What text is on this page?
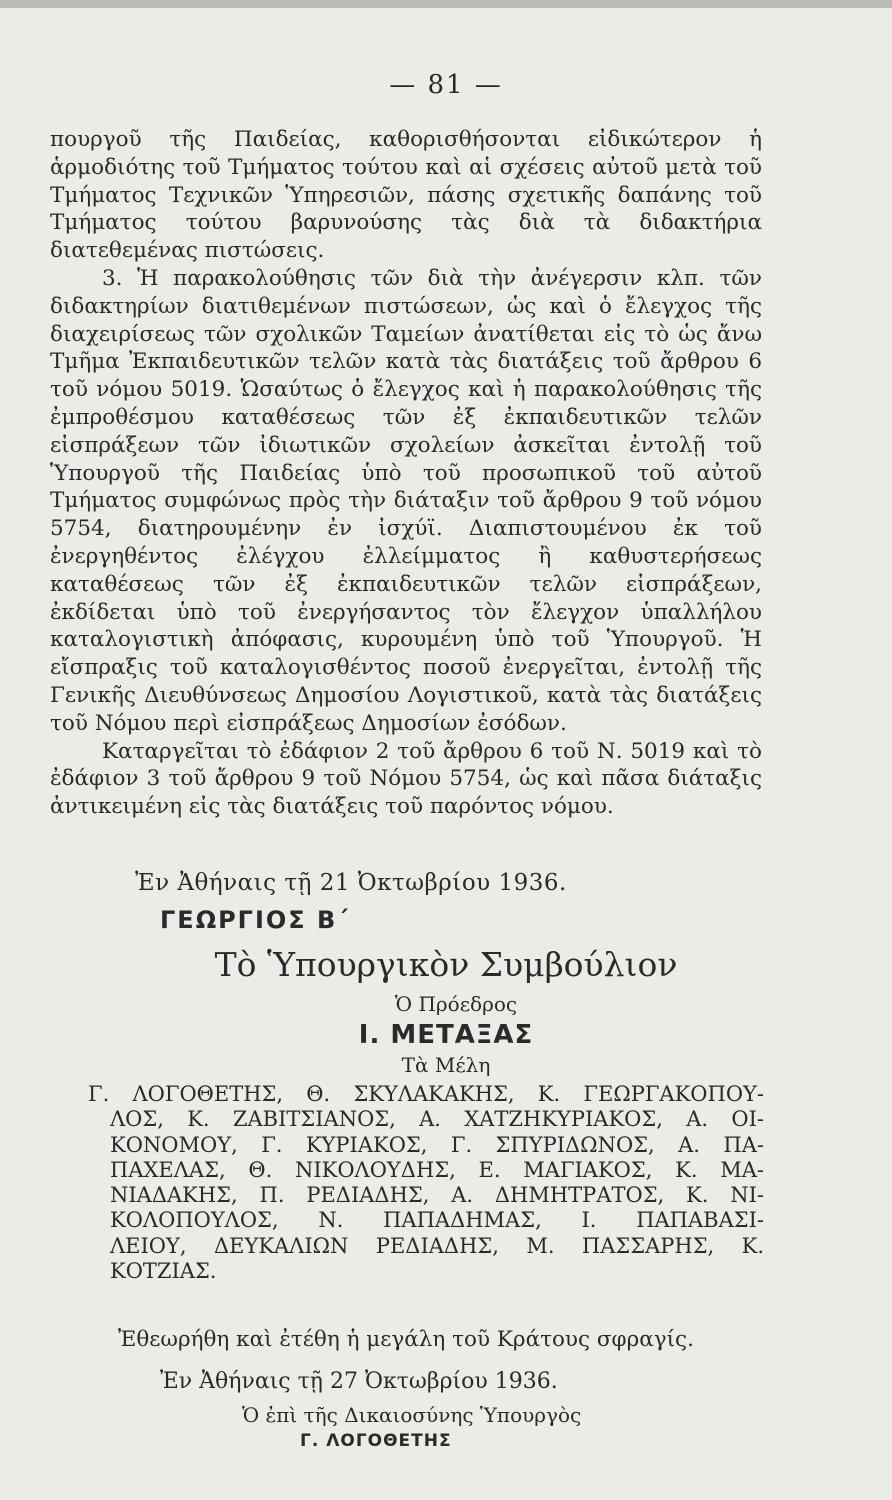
— 81 —

πουργοῦ τῆς Παιδείας, καθορισθήσονται εἰδικώτερον ἡ ἁρμοδιότης τοῦ Τμήματος τούτου καὶ αἱ σχέσεις αὐτοῦ μετὰ τοῦ Τμήματος Τεχνικῶν Ὑπηρεσιῶν, πάσης σχετικῆς δαπάνης τοῦ Τμήματος τούτου βαρυνούσης τὰς διὰ τὰ διδακτήρια διατεθεμένας πιστώσεις.

3. Ἡ παρακολούθησις τῶν διὰ τὴν ἀνέγερσιν κλπ. τῶν διδακτηρίων διατιθεμένων πιστώσεων, ὡς καὶ ὁ ἔλεγχος τῆς διαχειρίσεως τῶν σχολικῶν Ταμείων ἀνατίθεται εἰς τὸ ὡς ἄνω Τμῆμα Ἐκπαιδευτικῶν τελῶν κατὰ τὰς διατάξεις τοῦ ἄρθρου 6 τοῦ νόμου 5019. Ὡσαύτως ὁ ἔλεγχος καὶ ἡ παρακολούθησις τῆς ἐμπροθέσμου καταθέσεως τῶν ἐξ ἐκπαιδευτικῶν τελῶν εἰσπράξεων τῶν ἰδιωτικῶν σχολείων ἀσκεῖται ἐντολῇ τοῦ Ὑπουργοῦ τῆς Παιδείας ὑπὸ τοῦ προσωπικοῦ τοῦ αὐτοῦ Τμήματος συμφώνως πρὸς τὴν διάταξιν τοῦ ἄρθρου 9 τοῦ νόμου 5754, διατηρουμένην ἐν ἰσχύϊ. Διαπιστουμένου ἐκ τοῦ ἐνεργηθέντος ἐλέγχου ἐλλείμματος ἢ καθυστερήσεως καταθέσεως τῶν ἐξ ἐκπαιδευτικῶν τελῶν εἰσπράξεων, ἐκδίδεται ὑπὸ τοῦ ἐνεργήσαντος τὸν ἔλεγχον ὑπαλλήλου καταλογιστικὴ ἀπόφασις, κυρουμένη ὑπὸ τοῦ Ὑπουργοῦ. Ἡ εἴσπραξις τοῦ καταλογισθέντος ποσοῦ ἐνεργεῖται, ἐντολῇ τῆς Γενικῆς Διευθύνσεως Δημοσίου Λογιστικοῦ, κατὰ τὰς διατάξεις τοῦ Νόμου περὶ εἰσπράξεως Δημοσίων ἐσόδων.

Καταργεῖται τὸ ἐδάφιον 2 τοῦ ἄρθρου 6 τοῦ Ν. 5019 καὶ τὸ ἐδάφιον 3 τοῦ ἄρθρου 9 τοῦ Νόμου 5754, ὡς καὶ πᾶσα διάταξις ἀντικειμένη εἰς τὰς διατάξεις τοῦ παρόντος νόμου.

Ἐν Ἀθήναις τῇ 21 Ὀκτωβρίου 1936.
ΓΕΩΡΓΙΟΣ Β΄
Τὸ Ὑπουργικὸν Συμβούλιον
Ὁ Πρόεδρος
Ι. ΜΕΤΑΞΑΣ
Τὰ Μέλη
Γ. ΛΟΓΟΘΕΤΗΣ, Θ. ΣΚΥΛΑΚΑΚΗΣ, Κ. ΓΕΩΡΓΑΚΟΠΟΥ-
ΛΟΣ, Κ. ΖΑΒΙΤΣΙΑΝΟΣ, Α. ΧΑΤΖΗΚΥΡΙΑΚΟΣ, Α. ΟΙ-
ΚΟΝΟΜΟΥ, Γ. ΚΥΡΙΑΚΟΣ, Γ. ΣΠΥΡΙΔΩΝΟΣ, Α. ΠΑ-
ΠΑΧΕΛΑΣ, Θ. ΝΙΚΟΛΟΥΔΗΣ, Ε. ΜΑΓΙΑΚΟΣ, Κ. ΜΑ-
ΝΙΑΔΑΚΗΣ, Π. ΡΕΔΙΑΔΗΣ, Α. ΔΗΜΗΤΡΑΤΟΣ, Κ. ΝΙ-
ΚΟΛΟΠΟΥΛΟΣ, Ν. ΠΑΠΑΔΗΜΑΣ, Ι. ΠΑΠΑΒΑΣΙ-
ΛΕΙΟΥ, ΔΕΥΚΑΛΙΩΝ ΡΕΔΙΑΔΗΣ, Μ. ΠΑΣΣΑΡΗΣ, Κ.
ΚΟΤΖΙΑΣ.
Ἐθεωρήθη καὶ ἐτέθη ἡ μεγάλη τοῦ Κράτους σφραγίς.
Ἐν Ἀθήναις τῇ 27 Ὀκτωβρίου 1936.
Ὁ ἐπὶ τῆς Δικαιοσύνης Ὑπουργὸς
Γ. ΛΟΓΟΘΕΤΗΣ
